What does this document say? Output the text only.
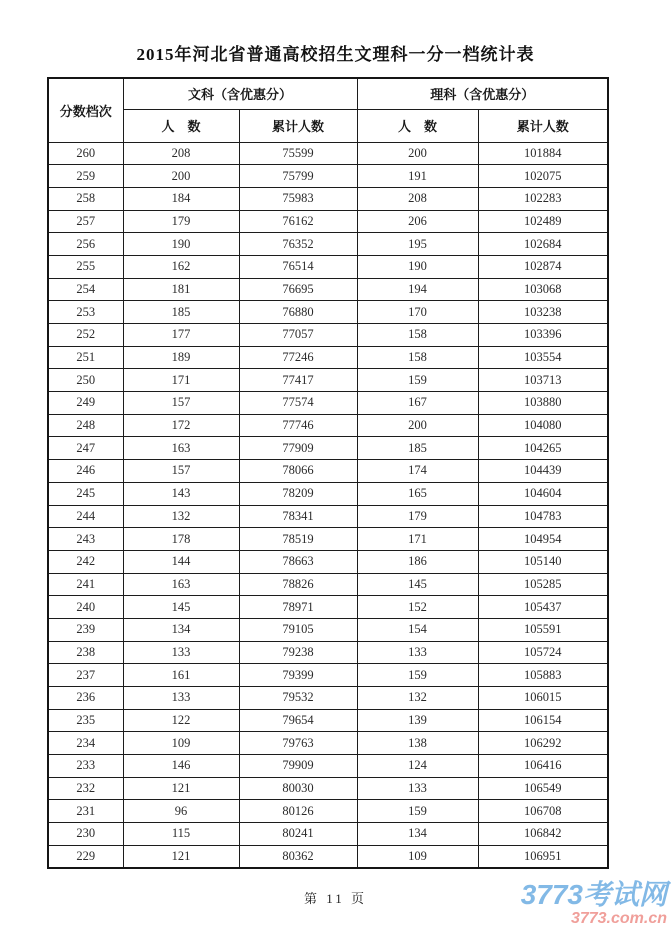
2015年河北省普通高校招生文理科一分一档统计表
分数档次	文科（含优惠分）		理科（含优惠分）	
	人　数	累计人数	人　数	累计人数
260	208	75599	200	101884
259	200	75799	191	102075
258	184	75983	208	102283
257	179	76162	206	102489
256	190	76352	195	102684
255	162	76514	190	102874
254	181	76695	194	103068
253	185	76880	170	103238
252	177	77057	158	103396
251	189	77246	158	103554
250	171	77417	159	103713
249	157	77574	167	103880
248	172	77746	200	104080
247	163	77909	185	104265
246	157	78066	174	104439
245	143	78209	165	104604
244	132	78341	179	104783
243	178	78519	171	104954
242	144	78663	186	105140
241	163	78826	145	105285
240	145	78971	152	105437
239	134	79105	154	105591
238	133	79238	133	105724
237	161	79399	159	105883
236	133	79532	132	106015
235	122	79654	139	106154
234	109	79763	138	106292
233	146	79909	124	106416
232	121	80030	133	106549
231	96	80126	159	106708
230	115	80241	134	106842
229	121	80362	109	106951
第 11 页	3773考试网
3773.com.cn
